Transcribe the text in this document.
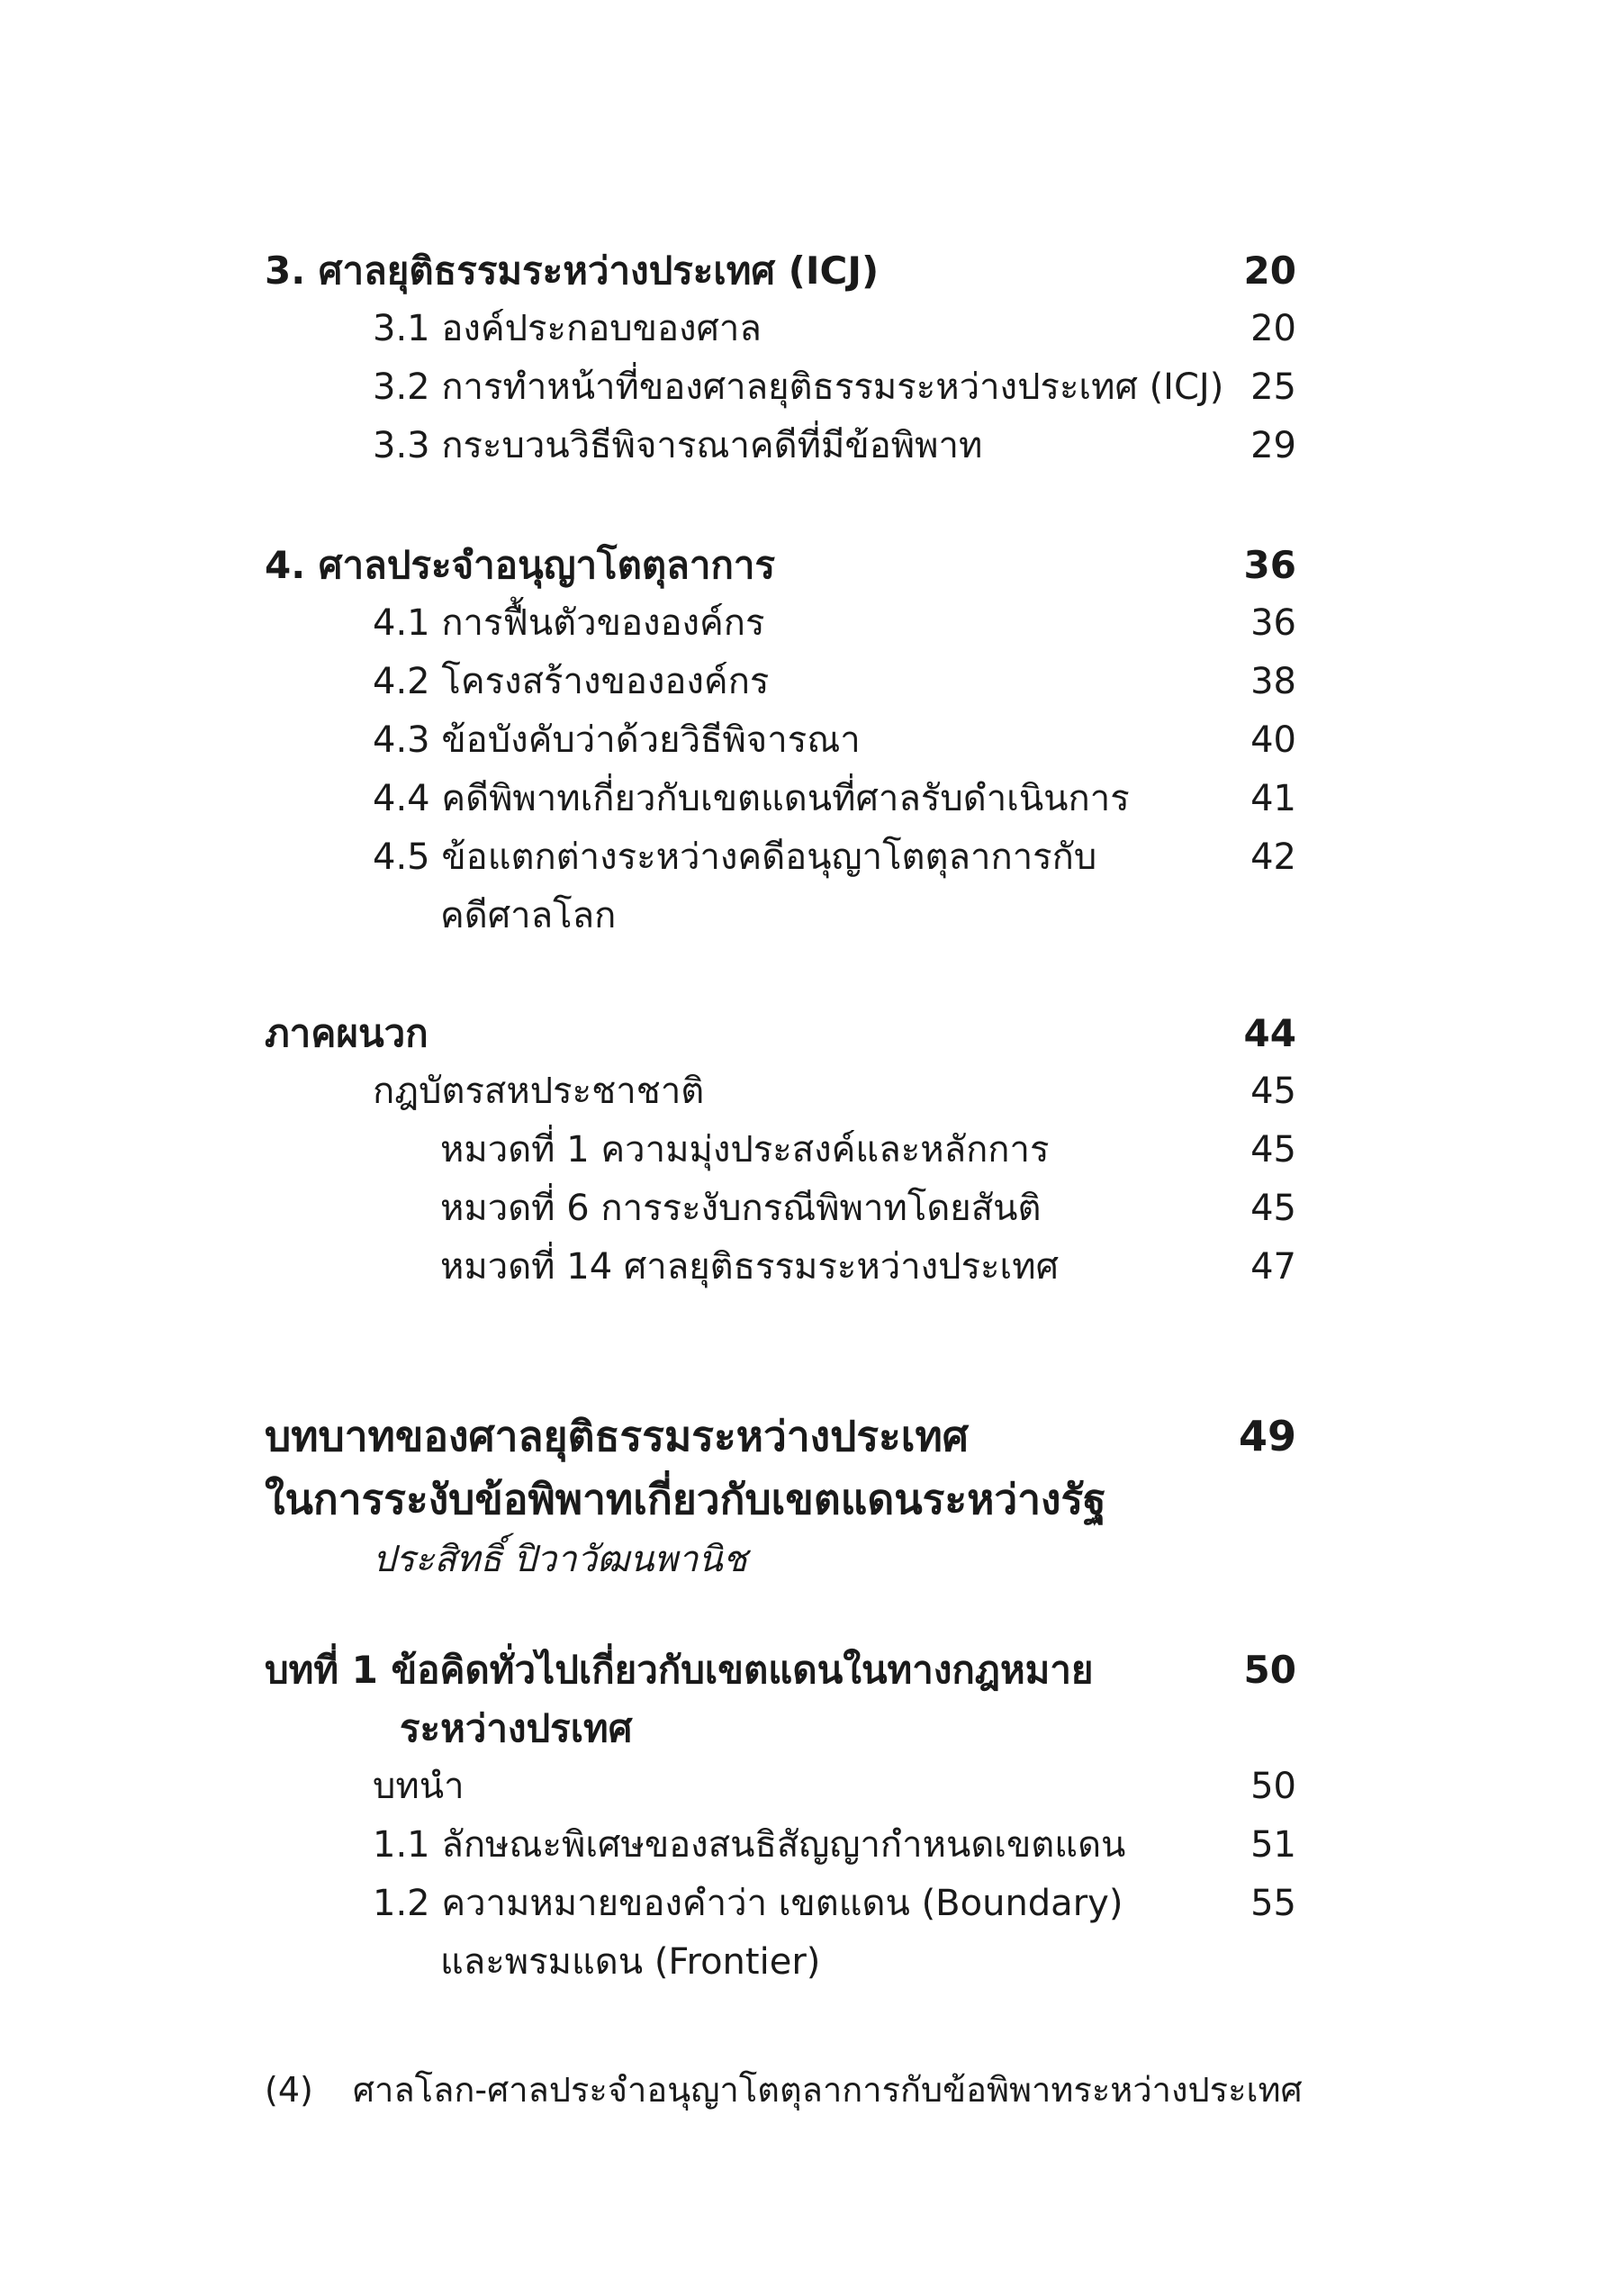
3. ศาลยุติธรรมระหว่างประเทศ (ICJ)	20
3.1 องค์ประกอบของศาล	20
3.2 การทำหน้าที่ของศาลยุติธรรมระหว่างประเทศ (ICJ) 25
3.3 กระบวนวิธีพิจารณาคดีที่มีข้อพิพาท	29
4. ศาลประจำอนุญาโตตุลาการ	36
4.1 การฟื้นตัวขององค์กร	36
4.2 โครงสร้างขององค์กร	38
4.3 ข้อบังคับว่าด้วยวิธีพิจารณา	40
4.4 คดีพิพาทเกี่ยวกับเขตแดนที่ศาลรับดำเนินการ	41
4.5 ข้อแตกต่างระหว่างคดีอนุญาโตตุลาการกับ	42
คดีศาลโลก
ภาคผนวก	44
กฎบัตรสหประชาชาติ	45
หมวดที่ 1 ความมุ่งประสงค์และหลักการ	45
หมวดที่ 6 การระงับกรณีพิพาทโดยสันติ	45
หมวดที่ 14 ศาลยุติธรรมระหว่างประเทศ	47
บทบาทของศาลยุติธรรมระหว่างประเทศ	49
ในการระงับข้อพิพาทเกี่ยวกับเขตแดนระหว่างรัฐ
ประสิทธิ์ ปิวาวัฒนพานิช
บทที่ 1 ข้อคิดทั่วไปเกี่ยวกับเขตแดนในทางกฎหมาย	50
ระหว่างปรเทศ
บทนำ	50
1.1 ลักษณะพิเศษของสนธิสัญญากำหนดเขตแดน	51
1.2 ความหมายของคำว่า เขตแดน (Boundary)	55
และพรมแดน (Frontier)
(4) ศาลโลก-ศาลประจำอนุญาโตตุลาการกับข้อพิพาทระหว่างประเทศ
